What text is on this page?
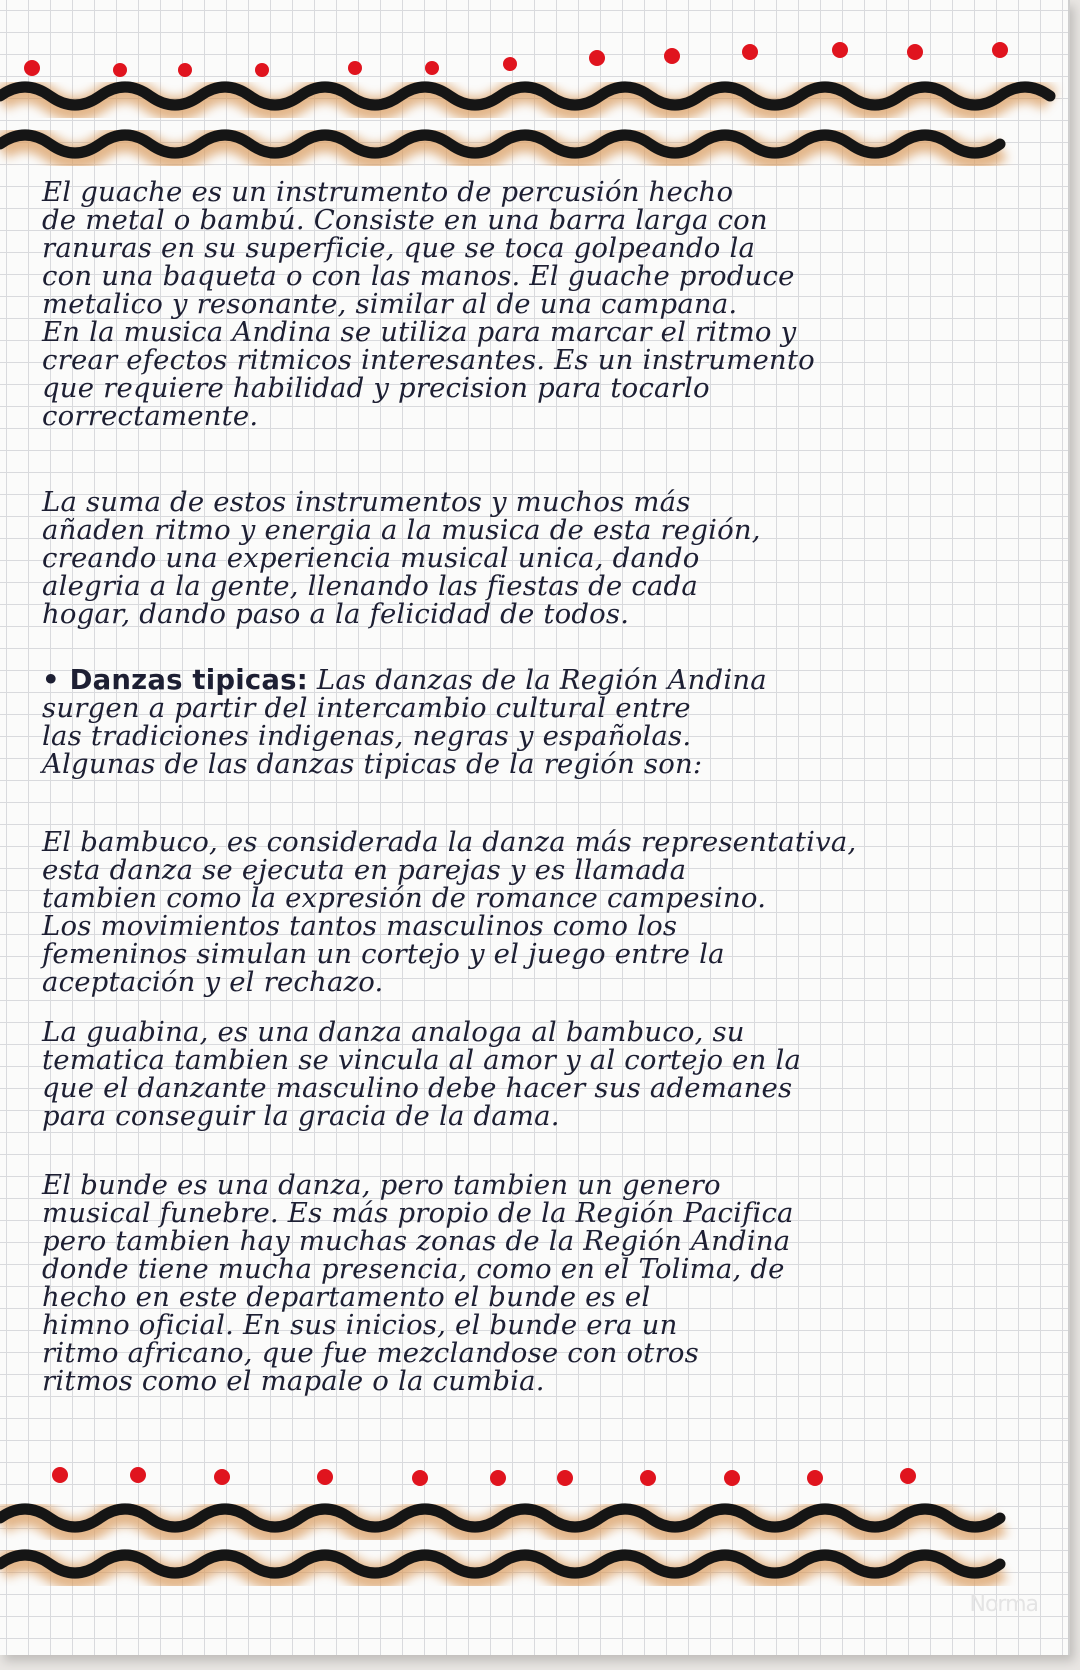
El guache es un instrumento de percusión hecho
de metal o bambú. Consiste en una barra larga con
ranuras en su superficie, que se toca golpeando la
con una baqueta o con las manos. El guache produce
metalico y resonante, similar al de una campana.
En la musica Andina se utiliza para marcar el ritmo y
crear efectos ritmicos interesantes. Es un instrumento
que requiere habilidad y precision para tocarlo
correctamente.

La suma de estos instrumentos y muchos más
añaden ritmo y energia a la musica de esta región,
creando una experiencia musical unica, dando
alegria a la gente, llenando las fiestas de cada
hogar, dando paso a la felicidad de todos.

• Danzas tipicas: Las danzas de la Región Andina
surgen a partir del intercambio cultural entre
las tradiciones indigenas, negras y españolas.
Algunas de las danzas tipicas de la región son:

El bambuco, es considerada la danza más representativa,
esta danza se ejecuta en parejas y es llamada
tambien como la expresión de romance campesino.
Los movimientos tantos masculinos como los
femeninos simulan un cortejo y el juego entre la
aceptación y el rechazo.

La guabina, es una danza analoga al bambuco, su
tematica tambien se vincula al amor y al cortejo en la
que el danzante masculino debe hacer sus ademanes
para conseguir la gracia de la dama.

El bunde es una danza, pero tambien un genero
musical funebre. Es más propio de la Región Pacifica
pero tambien hay muchas zonas de la Región Andina
donde tiene mucha presencia, como en el Tolima, de
hecho en este departamento el bunde es el
himno oficial. En sus inicios, el bunde era un
ritmo africano, que fue mezclandose con otros
ritmos como el mapale o la cumbia.

Norma
